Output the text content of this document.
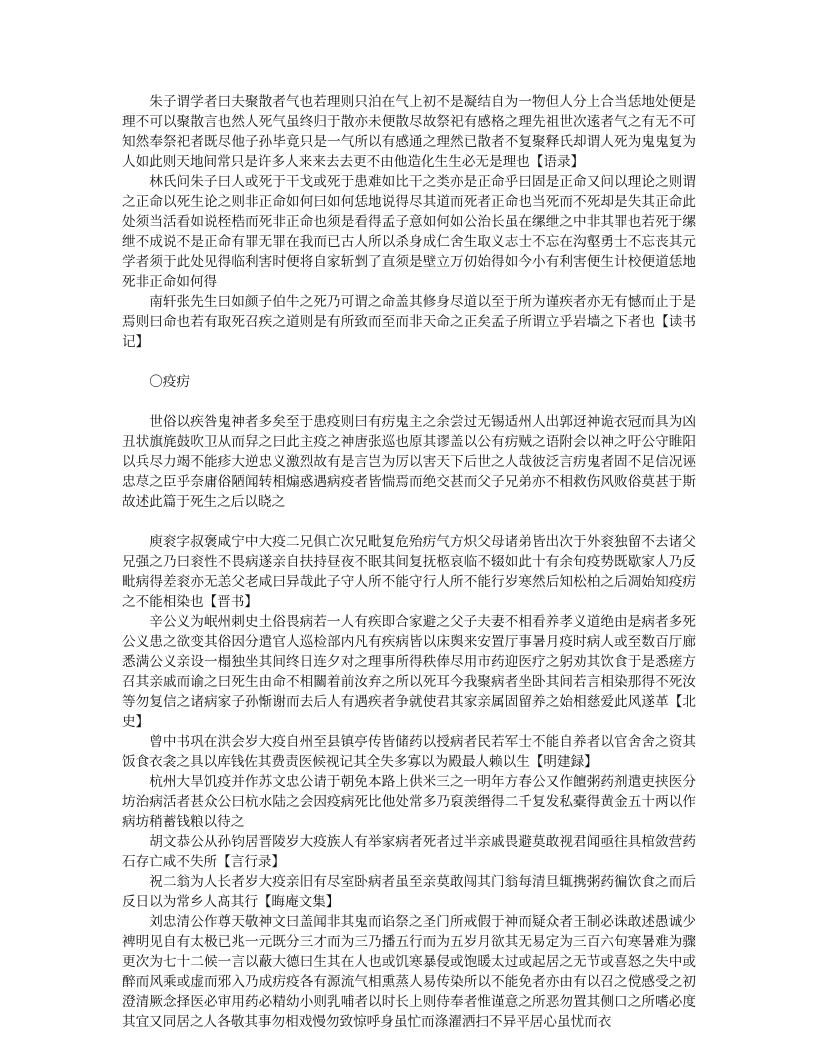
朱子谓学者曰夫聚散者气也若理则只泊在气上初不是凝结自为一物但人分上合当恁地处便是理不可以聚散言也然人死气虽终归于散亦未便散尽故祭祀有感格之理先祖世次逺者气之有无不可知然奉祭祀者既尽他子孙毕竟只是一气所以有感通之理然已散者不复聚释氏却谓人死为鬼鬼复为人如此则天地间常只是许多人来来去去更不由他造化生生必无是理也【语录】

林氏问朱子曰人或死于干戈或死于患难如比干之类亦是正命乎曰固是正命又问以理论之则谓之正命以死生论之则非正命如何曰如何恁地说得尽其道而死者正命也当死而不死却是失其正命此处须当活看如说桎梏而死非正命也须是看得孟子意如何如公治长虽在缧绁之中非其罪也若死于缧绁不成说不是正命有罪无罪在我而已古人所以杀身成仁舍生取义志士不忘在沟壑勇士不忘丧其元学者须于此处见得临利害时便将自家斩剉了直须是壁立万仞始得如今小有利害便生计校便道恁地死非正命如何得

南轩张先生曰如颜子伯牛之死乃可谓之命盖其修身尽道以至于所为谨疾者亦无有憾而止于是焉则曰命也若有取死召疾之道则是有所致而至而非天命之正矣孟子所谓立乎岩墙之下者也【读书记】

〇疫疠

世俗以疾咎鬼神者多矣至于患疫则曰有疠鬼主之余尝过无锡适州人出郭迓神诡衣冠而具为凶丑状旗旄鼓吹卫从而舁之曰此主疫之神唐张巡也原其谬盖以公有疠贼之语附会以神之吁公守睢阳以兵尽力竭不能疹大逆忠义激烈故有是言岂为厉以害天下后世之人哉彼泛言疠鬼者固不足信况诬忠荩之臣乎奈庸俗陋闻转相煽惑遇病疫者皆惴焉而绝交甚而父子兄弟亦不相救伤风败俗莫甚于斯故述此篇于死生之后以晓之

庾衮字叔褒咸宁中大疫二兄俱亡次兄毗复危殆疠气方炽父母诸弟皆出次于外衮独留不去诸父兄强之乃曰衮性不畏病遂亲自扶持昼夜不眠其间复抚柩哀临不辍如此十有余旬疫势既歇家人乃反毗病得差衮亦无恙父老咸曰异哉此子守人所不能守行人所不能行岁寒然后知松柏之后凋始知疫疠之不能相染也【晋书】

辛公义为岷州刺史土俗畏病若一人有疾即合家避之父子夫妻不相看养孝义道绝由是病者多死公义患之欲变其俗因分遣官人巡检部内凡有疾病皆以床舆来安置厅事暑月疫时病人或至数百厅廊悉满公义亲设一榻独坐其间终日连夕对之理事所得秩俸尽用市药迎医疗之躬劝其饮食于是悉瘥方召其亲戚而谕之曰死生由命不相關着前汝弃之所以死耳今我聚病者坐卧其间若言相染那得不死汝等勿复信之诸病家子孙惭谢而去后人有遇疾者争就使君其家亲属固留养之始相慈爱此风遂革【北史】

曾中书巩在洪会岁大疫自州至县镇亭传皆储药以授病者民若军士不能自养者以官舍舍之资其饭食衣衾之具以库钱佐其费责医候视记其全失多寡以为殿最人赖以生【明建録】

杭州大旱饥疫并作苏文忠公请于朝免本路上供米三之一明年方春公又作饘粥药剂遣吏挟医分坊治病活者甚众公曰杭水陆之会因疫病死比他处常多乃裒羡缗得二千复发私橐得黄金五十两以作病坊稍蓄钱粮以待之

胡文恭公从孙钧居晋陵岁大疫族人有举家病者死者过半亲戚畏避莫敢视君闻亟往具棺敛营药石存亡咸不失所【言行录】

祝二翁为人长者岁大疫亲旧有尽室卧病者虽至亲莫敢闯其门翁每清旦辄携粥药徧饮食之而后反日以为常乡人髙其行【晦庵文集】

刘忠清公作尊天敬神文曰盖闻非其鬼而谄祭之圣门所戒假于神而疑众者王制必诛敢述愚诚少裨明见自有太极已兆一元既分三才而为三乃播五行而为五岁月欲其无易定为三百六旬寒暑难为骤更次为七十二候一言以蔽大德曰生其在人也或饥寒暴侵或饱暖太过或起居之无节或喜怒之失中或醉而风乘或虚而邪入乃成疠疫各有源流气相熏蒸人易传染所以不能免者亦由有以召之傥感受之初澄清厥念择医必审用药必精幼小则乳哺者以时长上则侍奉者惟谨意之所恶勿置其侧口之所嗜必度其宜又同居之人各敬其事勿相戏慢勿致惊呼身虽忙而涤濯洒扫不异平居心虽忧而衣
